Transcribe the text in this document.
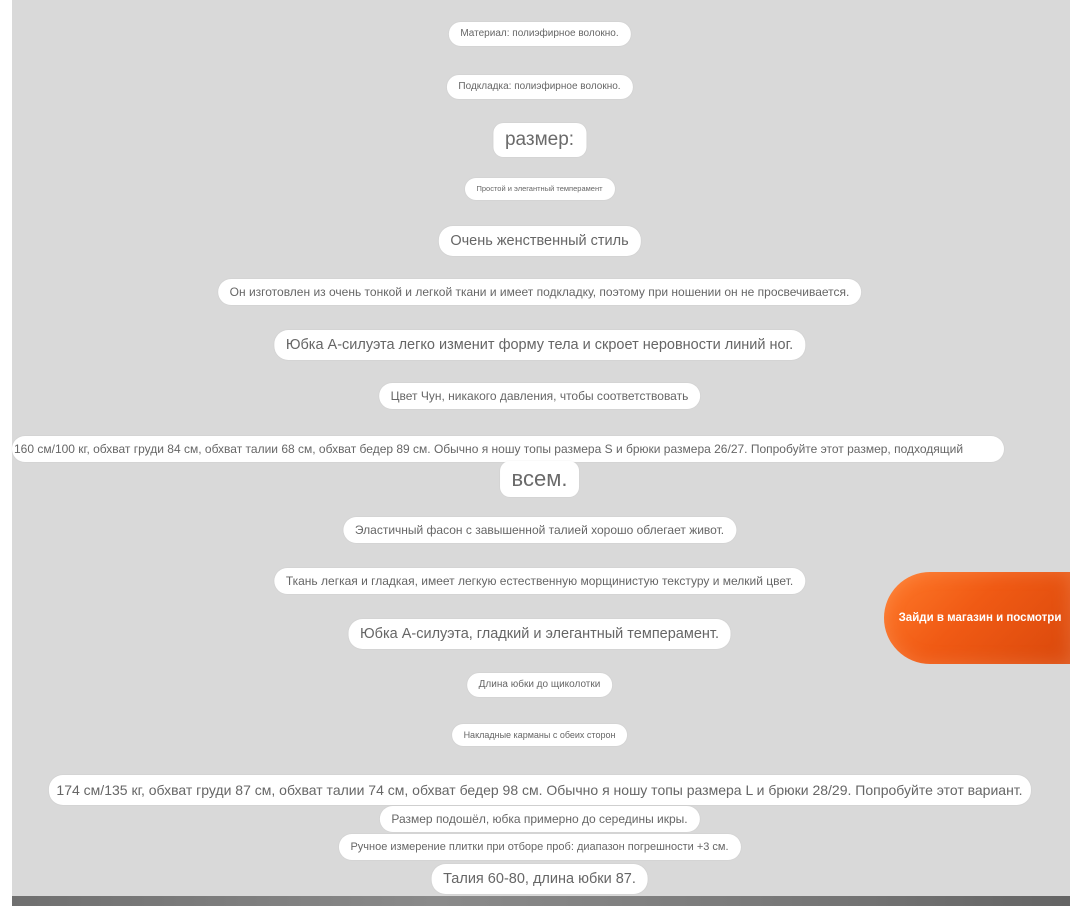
Материал: полиэфирное волокно.
Подкладка: полиэфирное волокно.
размер:
Простой и элегантный темперамент
Очень женственный стиль
Он изготовлен из очень тонкой и легкой ткани и имеет подкладку, поэтому при ношении он не просвечивается.
Юбка А-силуэта легко изменит форму тела и скроет неровности линий ног.
Цвет Чун, никакого давления, чтобы соответствовать
160 см/100 кг, обхват груди 84 см, обхват талии 68 см, обхват бедер 89 см. Обычно я ношу топы размера S и брюки размера 26/27. Попробуйте этот размер, подходящий
всем.
Эластичный фасон с завышенной талией хорошо облегает живот.
Ткань легкая и гладкая, имеет легкую естественную морщинистую текстуру и мелкий цвет.
Юбка А-силуэта, гладкий и элегантный темперамент.
Длина юбки до щиколотки
Накладные карманы с обеих сторон
174 см/135 кг, обхват груди 87 см, обхват талии 74 см, обхват бедер 98 см. Обычно я ношу топы размера L и брюки 28/29. Попробуйте этот вариант.
Размер подошёл, юбка примерно до середины икры.
Ручное измерение плитки при отборе проб: диапазон погрешности +3 см.
Талия 60-80, длина юбки 87.
Зайди в магазин и посмотри
